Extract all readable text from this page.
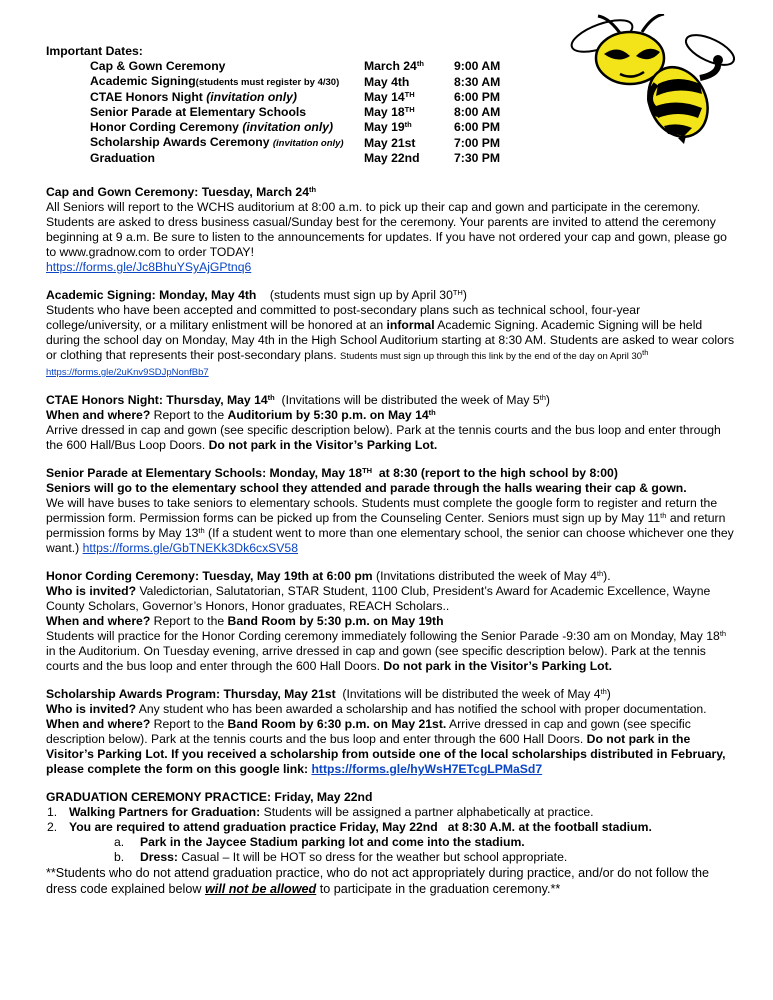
Important Dates:

Cap & Gown Ceremony	March 24th	9:00 AM
Academic Signing(students must register by 4/30)	May 4th	8:30 AM
CTAE Honors Night (invitation only)	May 14TH	6:00 PM
Senior Parade at Elementary Schools	May 18TH	8:00 AM
Honor Cording Ceremony (invitation only)	May 19th	6:00 PM
Scholarship Awards Ceremony (invitation only)	May 21st	7:00 PM
Graduation	May 22nd	7:30 PM

Cap and Gown Ceremony: Tuesday, March 24th

All Seniors will report to the WCHS auditorium at 8:00 a.m. to pick up their cap and gown and participate in the ceremony. Students are asked to dress business casual/Sunday best for the ceremony. Your parents are invited to attend the ceremony beginning at 9 a.m. Be sure to listen to the announcements for updates. If you have not ordered your cap and gown, please go to www.gradnow.com to order TODAY!

https://forms.gle/Jc8BhuYSyAjGPtnq6

Academic Signing: Monday, May 4th    (students must sign up by April 30TH)

Students who have been accepted and committed to post-secondary plans such as technical school, four-year college/university, or a military enlistment will be honored at an informal Academic Signing. Academic Signing will be held during the school day on Monday, May 4th in the High School Auditorium starting at 8:30 AM. Students are asked to wear colors or clothing that represents their post-secondary plans. Students must sign up through this link by the end of the day on April 30th    https://forms.gle/2uKnv9SDJpNonfBb7

CTAE Honors Night: Thursday, May 14th  (Invitations will be distributed the week of May 5th)

When and where? Report to the Auditorium by 5:30 p.m. on May 14th

Arrive dressed in cap and gown (see specific description below). Park at the tennis courts and the bus loop and enter through the 600 Hall/Bus Loop Doors. Do not park in the Visitor’s Parking Lot.

Senior Parade at Elementary Schools: Monday, May 18TH  at 8:30 (report to the high school by 8:00)

Seniors will go to the elementary school they attended and parade through the halls wearing their cap & gown.

We will have buses to take seniors to elementary schools. Students must complete the google form to register and return the permission form. Permission forms can be picked up from the Counseling Center. Seniors must sign up by May 11th and return permission forms by May 13th (If a student went to more than one elementary school, the senior can choose whichever one they want.) https://forms.gle/GbTNEKk3Dk6cxSV58

Honor Cording Ceremony: Tuesday, May 19th at 6:00 pm (Invitations distributed the week of May 4th).

Who is invited? Valedictorian, Salutatorian, STAR Student, 1100 Club, President’s Award for Academic Excellence, Wayne County Scholars, Governor’s Honors, Honor graduates, REACH Scholars..

When and where? Report to the Band Room by 5:30 p.m. on May 19th

Students will practice for the Honor Cording ceremony immediately following the Senior Parade -9:30 am on Monday, May 18th in the Auditorium. On Tuesday evening, arrive dressed in cap and gown (see specific description below). Park at the tennis courts and the bus loop and enter through the 600 Hall Doors. Do not park in the Visitor’s Parking Lot.

Scholarship Awards Program: Thursday, May 21st  (Invitations will be distributed the week of May 4th)

Who is invited? Any student who has been awarded a scholarship and has notified the school with proper documentation.

When and where? Report to the Band Room by 6:30 p.m. on May 21st. Arrive dressed in cap and gown (see specific description below). Park at the tennis courts and the bus loop and enter through the 600 Hall Doors. Do not park in the Visitor’s Parking Lot. If you received a scholarship from outside one of the local scholarships distributed in February, please complete the form on this google link: https://forms.gle/hyWsH7ETcgLPMaSd7

GRADUATION CEREMONY PRACTICE: Friday, May 22nd

1. Walking Partners for Graduation: Students will be assigned a partner alphabetically at practice.
2. You are required to attend graduation practice Friday, May 22nd   at 8:30 A.M. at the football stadium.
a.	Park in the Jaycee Stadium parking lot and come into the stadium.
b.	Dress: Casual – It will be HOT so dress for the weather but school appropriate.

**Students who do not attend graduation practice, who do not act appropriately during practice, and/or do not follow the dress code explained below will not be allowed to participate in the graduation ceremony.**
